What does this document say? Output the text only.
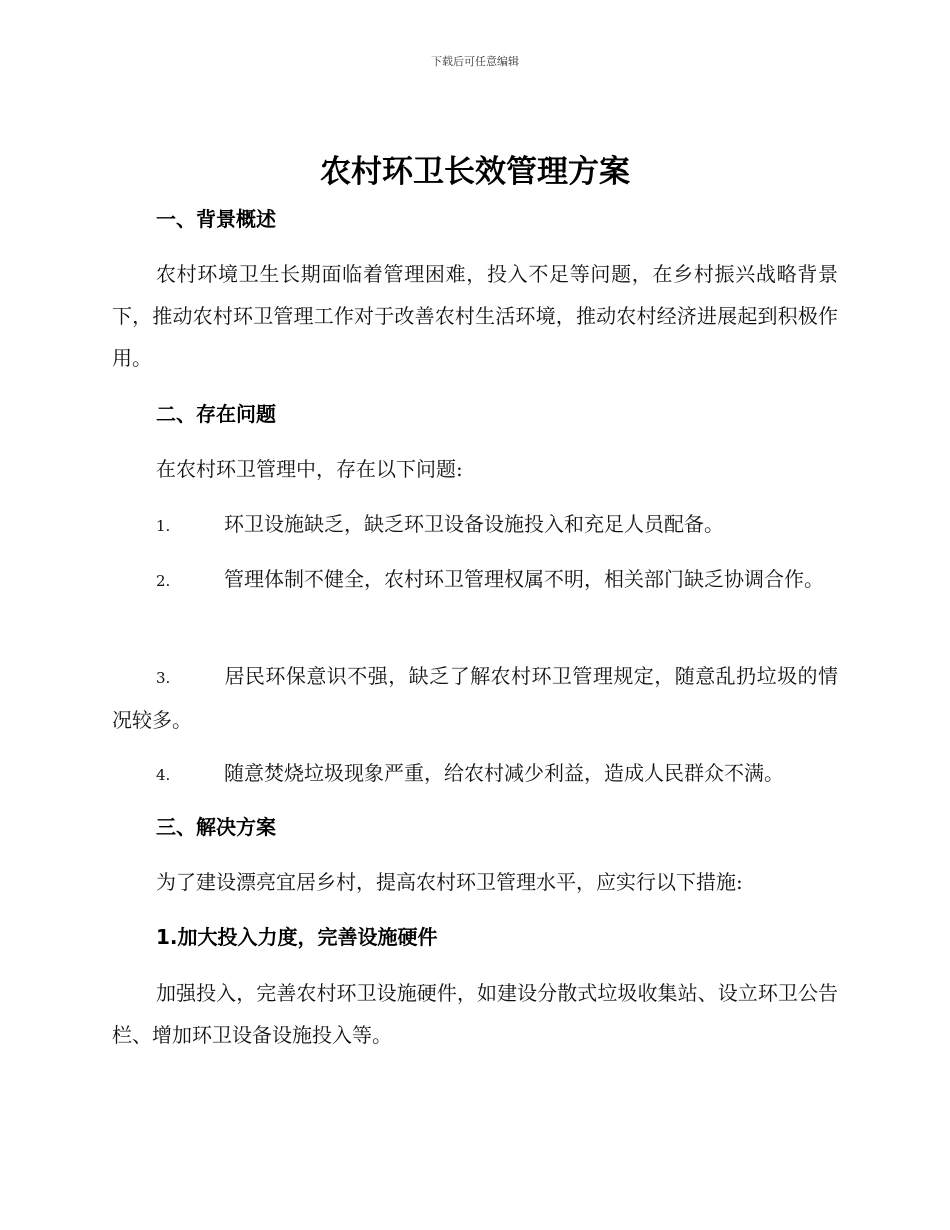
下载后可任意编辑
农村环卫长效管理方案
一、背景概述

农村环境卫生长期面临着管理困难，投入不足等问题，在乡村振兴战略背景下，推动农村环卫管理工作对于改善农村生活环境，推动农村经济进展起到积极作用。

二、存在问题

在农村环卫管理中，存在以下问题:

1.	环卫设施缺乏，缺乏环卫设备设施投入和充足人员配备。

2.	管理体制不健全，农村环卫管理权属不明，相关部门缺乏协调合作。

3.	居民环保意识不强，缺乏了解农村环卫管理规定，随意乱扔垃圾的情况较多。

4.	随意焚烧垃圾现象严重，给农村减少利益，造成人民群众不满。

三、解决方案

为了建设漂亮宜居乡村，提高农村环卫管理水平，应实行以下措施:

1.加大投入力度，完善设施硬件

加强投入，完善农村环卫设施硬件，如建设分散式垃圾收集站、设立环卫公告栏、增加环卫设备设施投入等。
